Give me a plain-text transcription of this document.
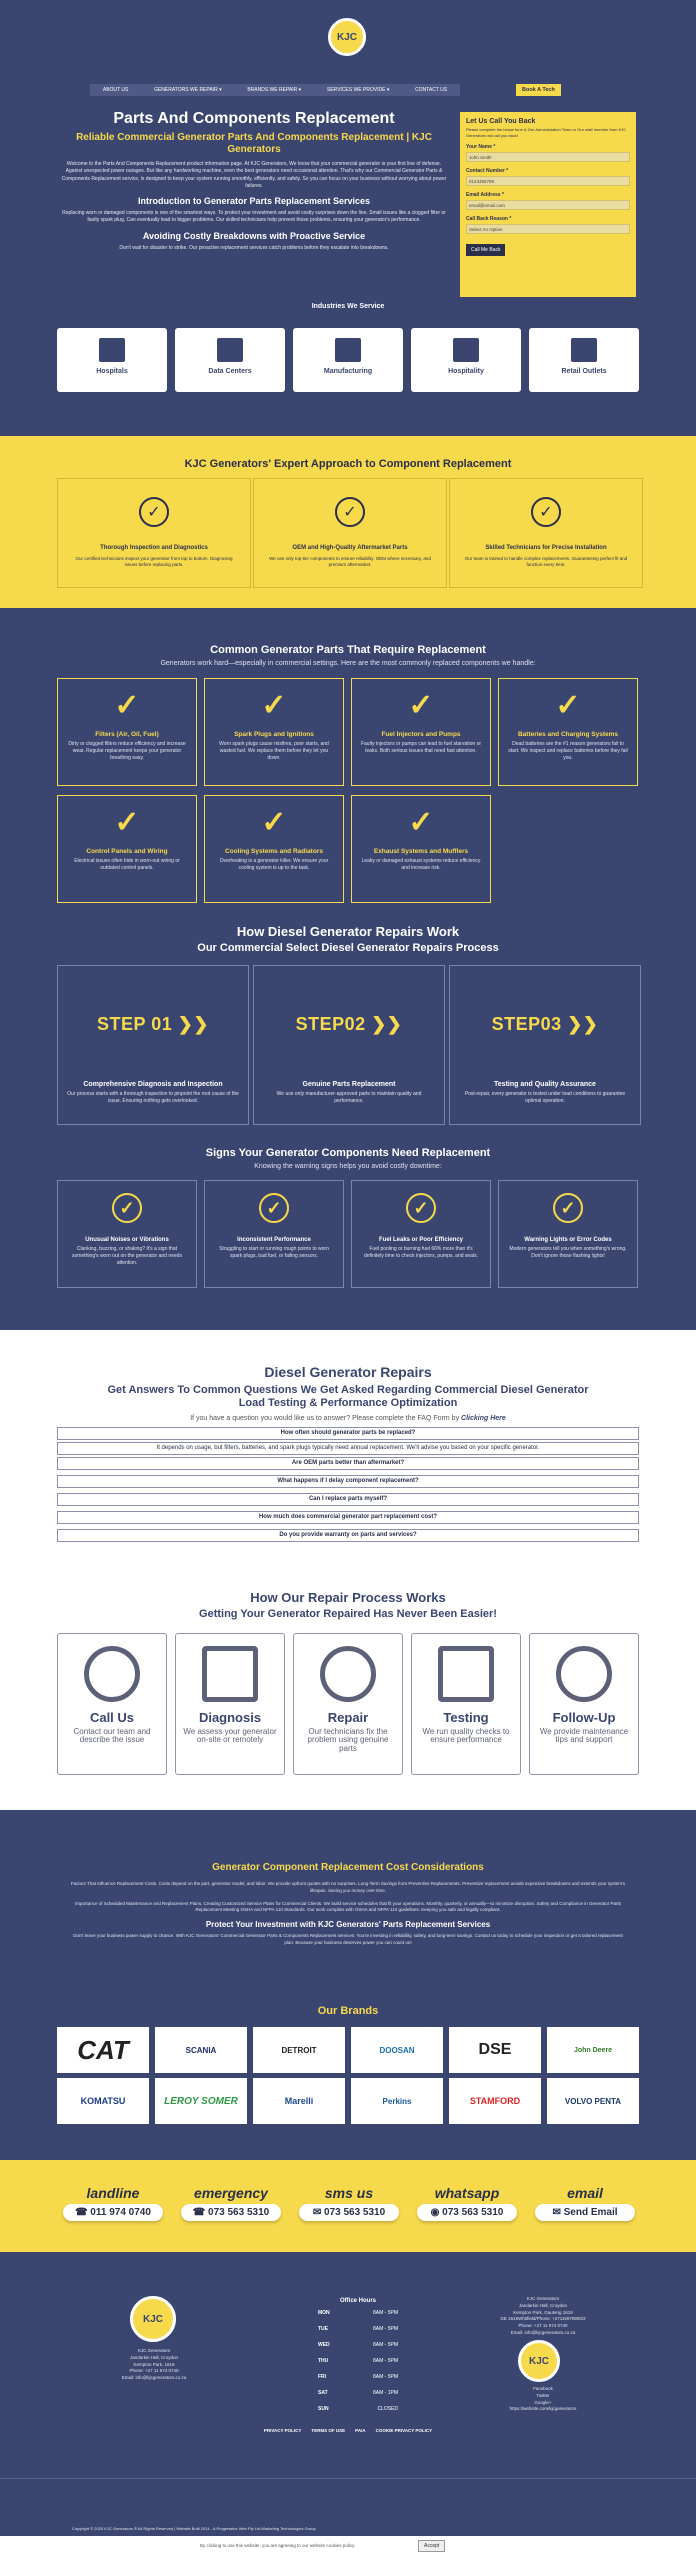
KJC
ABOUT US	GENERATORS WE REPAIR ▾	BRANDS WE REPAIR ▾	SERVICES WE PROVIDE ▾	CONTACT US	Book A Tech
Parts And Components Replacement
Reliable Commercial Generator Parts And Components Replacement | KJC Generators

Welcome to the Parts And Components Replacement product information page. At KJC Generators, We know that your commercial generator is your first line of defense. Against unexpected power outages. But like any hardworking machine, even the best generators need occasional attention. That's why our Commercial Generator Parts & Components Replacement service, is designed to keep your system running smoothly, efficiently, and safely. So you can focus on your business without worrying about power failures.

Introduction to Generator Parts Replacement Services

Replacing worn or damaged components is one of the smartest ways. To protect your investment and avoid costly surprises down the line. Small issues like a clogged filter or faulty spark plug, Can eventually lead to bigger problems. Our skilled technicians help prevent those problems, ensuring your generator's performance.

Avoiding Costly Breakdowns with Proactive Service

Don't wait for disaster to strike. Our proactive replacement services catch problems before they escalate into breakdowns.

Let Us Call You Back
Please complete the below form & Our Administration Team or Our staff member from KJC Generators will call you back!
Your Name *
John Smith
Contact Number *
0123456789
Email Address *
email@email.com
Call Back Reason *
Select An Option
Call Me Back
Industries We Service
Hospitals	Data Centers	Manufacturing	Hospitality	Retail Outlets
KJC Generators' Expert Approach to Component Replacement
✓
Thorough Inspection and Diagnostics
Our certified technicians inspect your generator from top to bottom. Diagnosing issues before replacing parts.
✓
OEM and High-Quality Aftermarket Parts
We use only top-tier components to ensure reliability. OEM where necessary, and premium aftermarket.
✓
Skilled Technicians for Precise Installation
Our team is trained to handle complex replacements. Guaranteeing perfect fit and function every time.
Common Generator Parts That Require Replacement
Generators work hard—especially in commercial settings. Here are the most commonly replaced components we handle:
✓
Filters (Air, Oil, Fuel)
Dirty or clogged filters reduce efficiency and increase wear. Regular replacement keeps your generator breathing easy.
✓
Spark Plugs and Ignitions
Worn spark plugs cause misfires, poor starts, and wasted fuel. We replace them before they let you down.
✓
Fuel Injectors and Pumps
Faulty injectors or pumps can lead to fuel starvation or leaks. Both serious issues that need fast attention.
✓
Batteries and Charging Systems
Dead batteries are the #1 reason generators fail to start. We inspect and replace batteries before they fail you.
✓
Control Panels and Wiring
Electrical issues often hide in worn-out wiring or outdated control panels.
✓
Cooling Systems and Radiators
Overheating is a generator killer. We ensure your cooling system is up to the task.
✓
Exhaust Systems and Mufflers
Leaky or damaged exhaust systems reduce efficiency and increase risk.
How Diesel Generator Repairs Work
Our Commercial Select Diesel Generator Repairs Process
STEP 01 ❯❯
Comprehensive Diagnosis and Inspection
Our process starts with a thorough inspection to pinpoint the root cause of the issue. Ensuring nothing gets overlooked.
STEP02 ❯❯
Genuine Parts Replacement
We use only manufacturer-approved parts to maintain quality and performance.
STEP03 ❯❯
Testing and Quality Assurance
Post-repair, every generator is tested under load conditions to guarantee optimal operation.
Signs Your Generator Components Need Replacement
Knowing the warning signs helps you avoid costly downtime:
✓
Unusual Noises or Vibrations
Clanking, buzzing, or shaking? It's a sign that something's worn out on the generator and needs attention.
✓
Inconsistent Performance
Struggling to start or running rough points to worn spark plugs, bad fuel, or failing sensors.
✓
Fuel Leaks or Poor Efficiency
Fuel pooling or burning fuel 66% more than it's definitely time to check injectors, pumps, and seals.
✓
Warning Lights or Error Codes
Modern generators tell you when something's wrong. Don't ignore those flashing lights!
Diesel Generator Repairs
Get Answers To Common Questions We Get Asked Regarding Commercial Diesel Generator Load Testing & Performance Optimization
If you have a question you would like us to answer? Please complete the FAQ Form by Clicking Here
How often should generator parts be replaced?
It depends on usage, but filters, batteries, and spark plugs typically need annual replacement. We'll advise you based on your specific generator.
Are OEM parts better than aftermarket?
What happens if I delay component replacement?
Can I replace parts myself?
How much does commercial generator part replacement cost?
Do you provide warranty on parts and services?
How Our Repair Process Works
Getting Your Generator Repaired Has Never Been Easier!
Call Us
Contact our team and describe the issue
Diagnosis
We assess your generator on-site or remotely
Repair
Our technicians fix the problem using genuine parts
Testing
We run quality checks to ensure performance
Follow-Up
We provide maintenance tips and support
Generator Component Replacement Cost Considerations

Factors That Influence Replacement Costs. Costs depend on the part, generator model, and labor. We provide upfront quotes with no surprises. Long-Term Savings from Preventive Replacements. Preventive replacement avoids expensive breakdowns and extends your system's lifespan. Saving you money over time.

Importance of Scheduled Maintenance and Replacement Plans. Creating Customized Service Plans for Commercial Clients. We build service schedules that fit your operations. Monthly, quarterly, or annually—to minimize disruption. Safety and Compliance in Generator Parts Replacement Meeting OSHA and NFPA 110 Standards. Our work complies with OSHA and NFPA 110 guidelines. Keeping you safe and legally compliant.

Protect Your Investment with KJC Generators' Parts Replacement Services

Don't leave your business power supply to chance. With KJC Generators' Commercial Generator Parts & Components Replacement services. You're investing in reliability, safety, and long-term savings. Contact us today to schedule your inspection or get a tailored replacement plan. Because your business deserves power you can count on!

Our Brands
CAT	SCANIA	DETROIT	DOOSAN	DSE	John Deere
KOMATSU	LEROY SOMER	Marelli	Perkins	STAMFORD	VOLVO PENTA
landline
☎ 011 974 0740
emergency
☎ 073 563 5310
sms us
✉ 073 563 5310
whatsapp
◉ 073 563 5310
email
✉ Send Email
KJC
KJC Generators
Jandarkin Hall, Croydon
Kempton Park, 1619
Phone: +27 11 974 0740
Email: info@kjcgenerators.co.za
Office Hours
MON	8AM - 5PM
TUE	8AM - 5PM
WED	8AM - 5PM
THU	8AM - 5PM
FRI	8AM - 5PM
SAT	8AM - 1PM
SUN	CLOSED
KJC Generators
Jandarkin Hall, Croydon
Kempton Park, Gauteng 1619
GE 1619Whitfield/Phone: +27115970800/2
Phone: +27 11 974 0740
Email: info@kjcgenerators.co.za
KJC
Facebook
Twitter
Google+
https://website.com/kjcgenerators
PRIVACY POLICY TERMS OF USE PAIA COOKIE PRIVACY POLICY
Copyright © 2025 KJC Generators ® All Rights Reserved | Website Built 2014 - A Progressive Web Pty Ltd Marketing Technologies Group
By clicking to use this website, you are agreeing to our website cookies policy.	Accept
